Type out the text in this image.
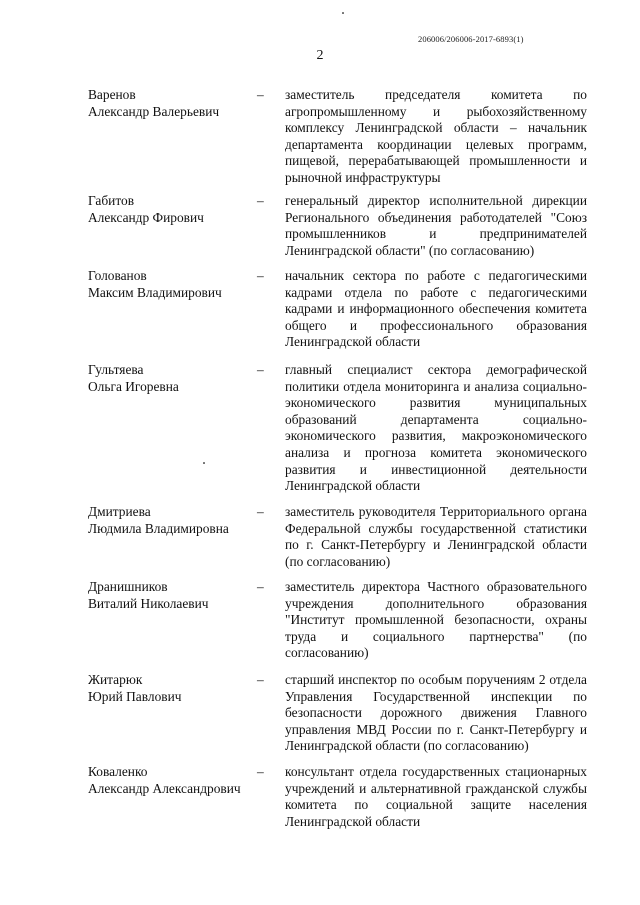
206006/206006-2017-6893(1)
2
Варенов
Александр Валерьевич
– заместитель председателя комитета по агропромышленному и рыбохозяйственному комплексу Ленинградской области – начальник департамента координации целевых программ, пищевой, перерабатывающей промышленности и рыночной инфраструктуры
Габитов
Александр Фирович
– генеральный директор исполнительной дирекции Регионального объединения работодателей "Союз промышленников и предпринимателей Ленинградской области" (по согласованию)
Голованов
Максим Владимирович
– начальник сектора по работе с педагогическими кадрами отдела по работе с педагогическими кадрами и информационного обеспечения комитета общего и профессионального образования Ленинградской области
Гультяева
Ольга Игоревна
– главный специалист сектора демографической политики отдела мониторинга и анализа социально-экономического развития муниципальных образований департамента социально-экономического развития, макроэкономического анализа и прогноза комитета экономического развития и инвестиционной деятельности Ленинградской области
Дмитриева
Людмила Владимировна
– заместитель руководителя Территориального органа Федеральной службы государственной статистики по г. Санкт-Петербургу и Ленинградской области (по согласованию)
Дранишников
Виталий Николаевич
– заместитель директора Частного образовательного учреждения дополнительного образования "Институт промышленной безопасности, охраны труда и социального партнерства" (по согласованию)
Житарюк
Юрий Павлович
– старший инспектор по особым поручениям 2 отдела Управления Государственной инспекции по безопасности дорожного движения Главного управления МВД России по г. Санкт-Петербургу и Ленинградской области (по согласованию)
Коваленко
Александр Александрович
– консультант отдела государственных стационарных учреждений и альтернативной гражданской службы комитета по социальной защите населения Ленинградской области
